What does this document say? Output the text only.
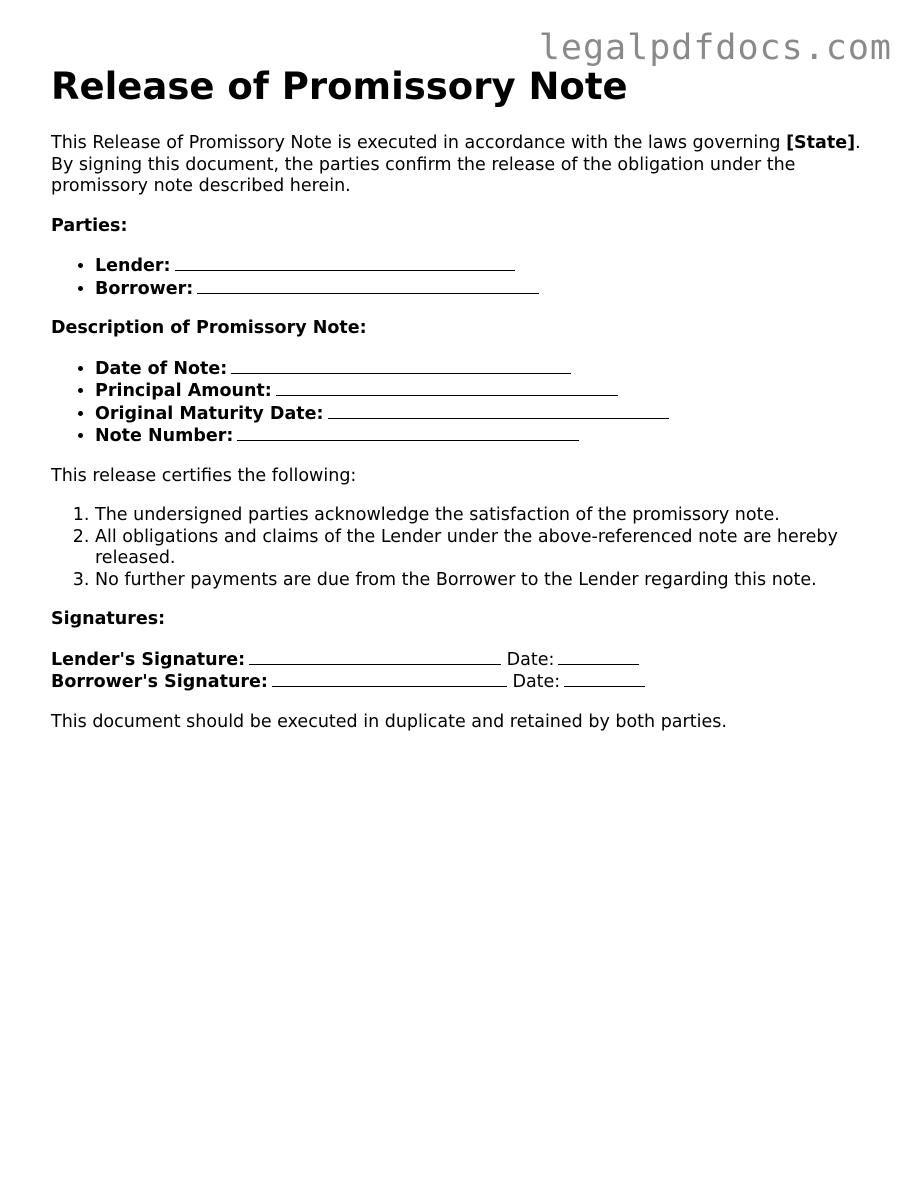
legalpdfdocs.com
Release of Promissory Note

This Release of Promissory Note is executed in accordance with the laws governing [State]. By signing this document, the parties confirm the release of the obligation under the promissory note described herein.

Parties:

• Lender:
• Borrower:

Description of Promissory Note:

• Date of Note:
• Principal Amount:
• Original Maturity Date:
• Note Number:

This release certifies the following:

1. The undersigned parties acknowledge the satisfaction of the promissory note.
2. All obligations and claims of the Lender under the above-referenced note are hereby released.
3. No further payments are due from the Borrower to the Lender regarding this note.

Signatures:

Lender's Signature:	Date:

Borrower's Signature:	Date:

This document should be executed in duplicate and retained by both parties.
